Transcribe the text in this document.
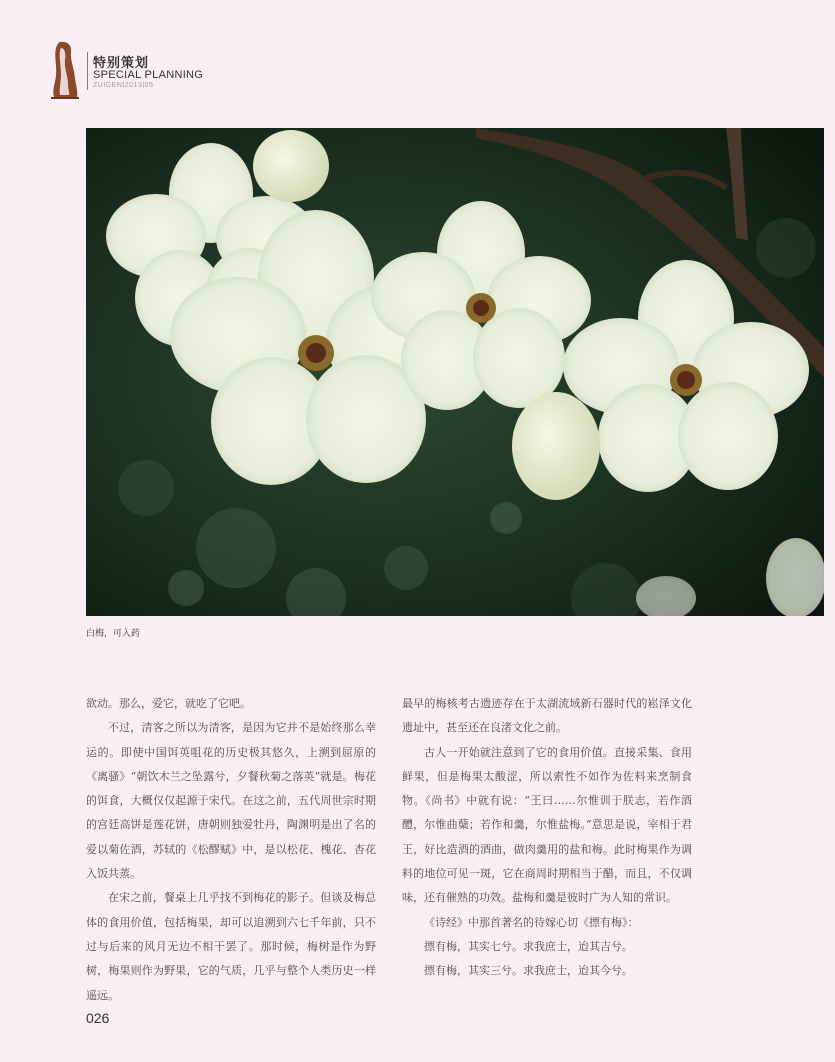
特别策划
SPECIAL PLANNING
ZUIGEN|2013|05
白梅，可入药

欲动。那么，爱它，就吃了它吧。

不过，清客之所以为清客，是因为它并不是始终那么幸运的。即使中国饵英咀花的历史极其悠久，上溯到屈原的《离骚》“朝饮木兰之坠露兮，夕餐秋菊之落英”就是。梅花的饵食，大概仅仅起源于宋代。在这之前，五代周世宗时期的宫廷高饼是莲花饼，唐朝则独爱牡丹，陶渊明是出了名的爱以菊佐酒，苏轼的《松醪赋》中，是以松花、槐花、杏花入饭共蒸。

在宋之前，餐桌上几乎找不到梅花的影子。但谈及梅总体的食用价值，包括梅果，却可以追溯到六七千年前，只不过与后来的风月无边不相干罢了。那时候，梅树是作为野树，梅果则作为野果，它的气质，几乎与整个人类历史一样遥远。

最早的梅核考古遗迹存在于太湖流域新石器时代的崧泽文化遗址中，甚至还在良渚文化之前。

古人一开始就注意到了它的食用价值。直接采集、食用鲜果，但是梅果太酸涩，所以索性不如作为佐料来烹制食物。《尚书》中就有说：“王曰……尔惟训于朕志，若作酒醴，尔惟曲蘖；若作和羹，尔惟盐梅。”意思是说，宰相于君王，好比造酒的酒曲，做肉羹用的盐和梅。此时梅果作为调料的地位可见一斑，它在商周时期相当于醋，而且，不仅调味，还有催熟的功效。盐梅和羹是彼时广为人知的常识。

《诗经》中那首著名的待嫁心切《摽有梅》：

摽有梅，其实七兮。求我庶士，迨其吉兮。

摽有梅，其实三兮。求我庶士，迨其今兮。

026
